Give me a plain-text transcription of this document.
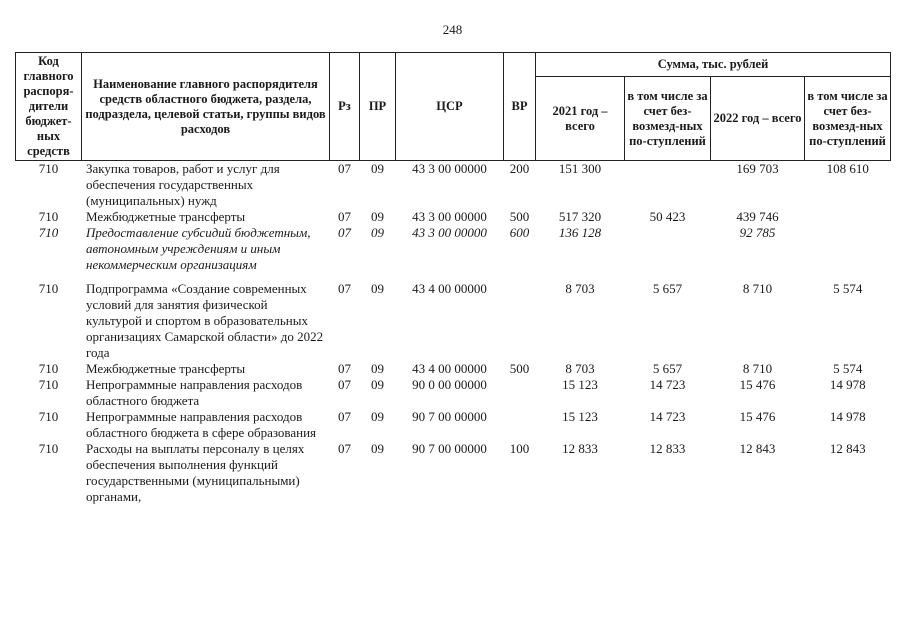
248
Код главного распоря-дители бюджет-ных средств	Наименование главного распорядителя средств областного бюджета, раздела, подраздела, целевой статьи, группы видов расходов	Рз	ПР	ЦСР	ВР	Сумма, тыс. рублей			
						2021 год – всего	в том числе за счет без-возмезд-ных по-ступлений	2022 год – всего	в том числе за счет без-возмезд-ных по-ступлений
710	Закупка товаров, работ и услуг для обеспечения государственных (муниципальных) нужд	07	09	43 3 00 00000	200	151 300		169 703	108 610
710	Межбюджетные трансферты	07	09	43 3 00 00000	500	517 320	50 423	439 746	
710	Предоставление субсидий бюджетным, автономным учреждениям и иным некоммерческим организациям	07	09	43 3 00 00000	600	136 128		92 785	
710	Подпрограмма «Создание современных условий для занятия физической культурой и спортом в образовательных организациях Самарской области» до 2022 года	07	09	43 4 00 00000		8 703	5 657	8 710	5 574
710	Межбюджетные трансферты	07	09	43 4 00 00000	500	8 703	5 657	8 710	5 574
710	Непрограммные направления расходов областного бюджета	07	09	90 0 00 00000		15 123	14 723	15 476	14 978
710	Непрограммные направления расходов областного бюджета в сфере образования	07	09	90 7 00 00000		15 123	14 723	15 476	14 978
710	Расходы на выплаты персоналу в целях обеспечения выполнения функций государственными (муниципальными) органами,	07	09	90 7 00 00000	100	12 833	12 833	12 843	12 843
